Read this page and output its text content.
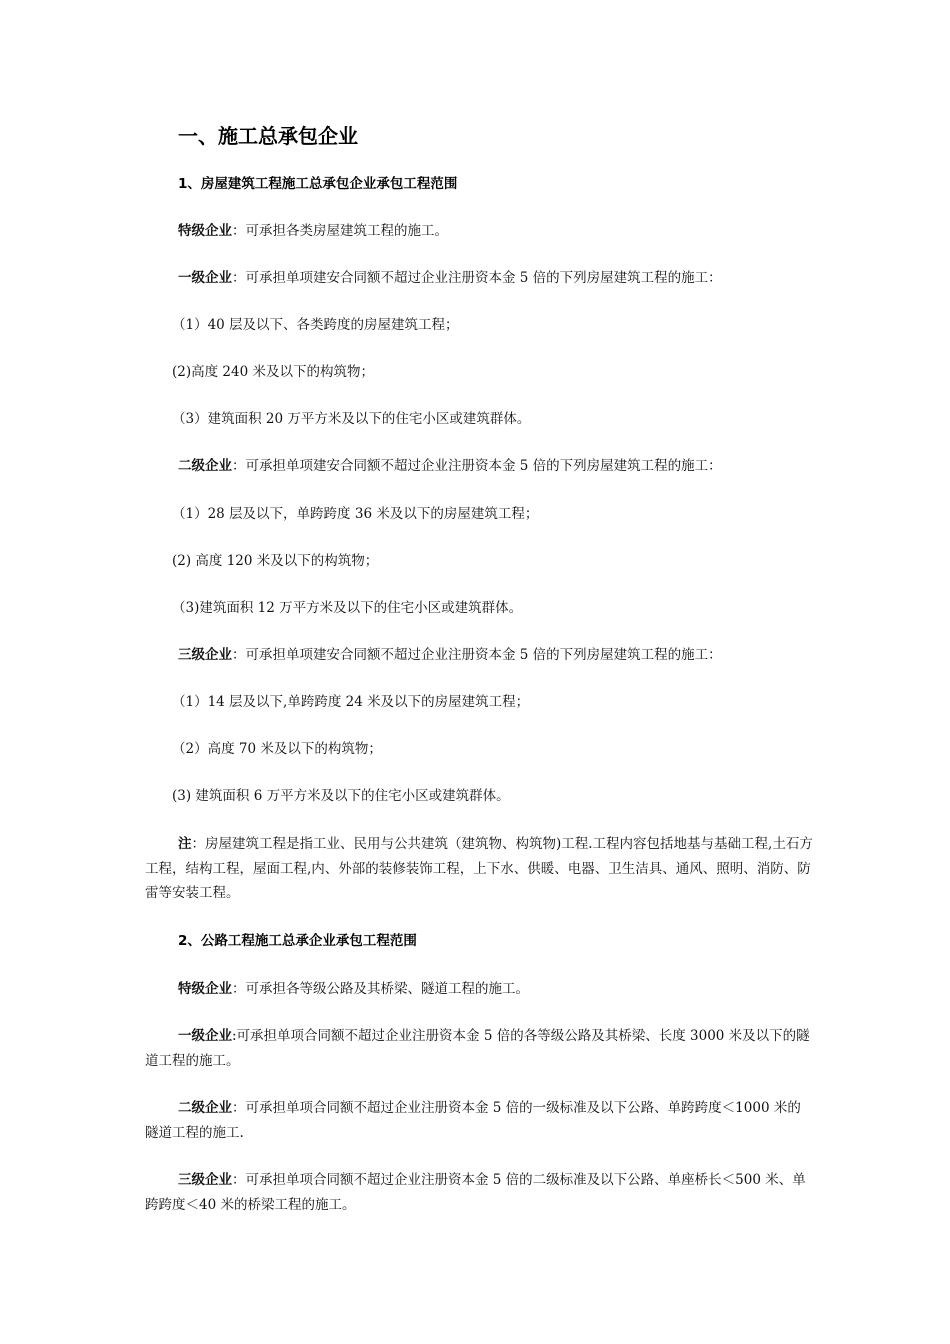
一、施工总承包企业
1、房屋建筑工程施工总承包企业承包工程范围
特级企业：可承担各类房屋建筑工程的施工。
一级企业：可承担单项建安合同额不超过企业注册资本金 5 倍的下列房屋建筑工程的施工：
（1）40 层及以下、各类跨度的房屋建筑工程；
(2)高度 240 米及以下的构筑物；
（3）建筑面积 20 万平方米及以下的住宅小区或建筑群体。
二级企业：可承担单项建安合同额不超过企业注册资本金 5 倍的下列房屋建筑工程的施工：
（1）28 层及以下，单跨跨度 36 米及以下的房屋建筑工程；
(2) 高度 120 米及以下的构筑物；
（3)建筑面积 12 万平方米及以下的住宅小区或建筑群体。
三级企业：可承担单项建安合同额不超过企业注册资本金 5 倍的下列房屋建筑工程的施工：
（1）14 层及以下,单跨跨度 24 米及以下的房屋建筑工程；
（2）高度 70 米及以下的构筑物；
(3) 建筑面积 6 万平方米及以下的住宅小区或建筑群体。
注：房屋建筑工程是指工业、民用与公共建筑（建筑物、构筑物)工程.工程内容包括地基与基础工程,土石方工程，结构工程，屋面工程,内、外部的装修装饰工程，上下水、供暖、电器、卫生洁具、通风、照明、消防、防雷等安装工程。
2、公路工程施工总承企业承包工程范围
特级企业：可承担各等级公路及其桥梁、隧道工程的施工。
一级企业:可承担单项合同额不超过企业注册资本金 5 倍的各等级公路及其桥梁、长度 3000 米及以下的隧道工程的施工。
二级企业：可承担单项合同额不超过企业注册资本金 5 倍的一级标准及以下公路、单跨跨度＜1000 米的隧道工程的施工.
三级企业：可承担单项合同额不超过企业注册资本金 5 倍的二级标准及以下公路、单座桥长＜500 米、单跨跨度＜40 米的桥梁工程的施工。
